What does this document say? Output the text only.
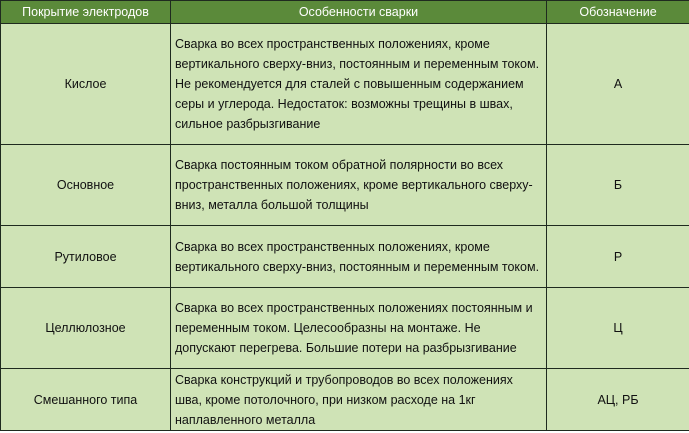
Покрытие электродов	Особенности сварки	Обозначение
Кислое	Сварка во всех пространственных положениях, кроме вертикального сверху-вниз, постоянным и переменным током. Не рекомендуется для сталей с повышенным содержанием серы и углерода. Недостаток: возможны трещины в швах, сильное разбрызгивание	А
Основное	Сварка постоянным током обратной полярности во всех пространственных положениях, кроме вертикального сверху-вниз, металла большой толщины	Б
Рутиловое	Сварка во всех пространственных положениях, кроме вертикального сверху-вниз, постоянным и переменным током.	Р
Целлюлозное	Сварка во всех пространственных положениях постоянным и переменным током. Целесообразны на монтаже. Не допускают перегрева. Большие потери на разбрызгивание	Ц
Смешанного типа	Сварка конструкций и трубопроводов во всех положениях шва, кроме потолочного, при низком расходе на 1кг наплавленного металла	АЦ, РБ
